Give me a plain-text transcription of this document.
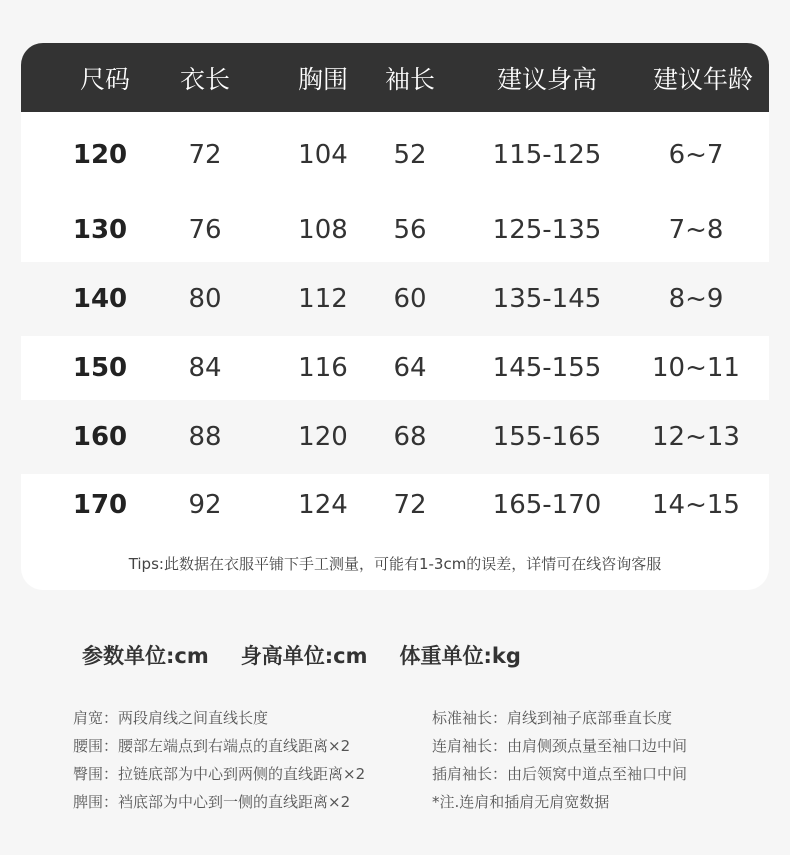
尺码	衣长	胸围	袖长	建议身高	建议年龄
120	72	104	52	115-125	6~7
130	76	108	56	125-135	7~8
140	80	112	60	135-145	8~9
150	84	116	64	145-155	10~11
160	88	120	68	155-165	12~13
170	92	124	72	165-170	14~15
Tips:此数据在衣服平铺下手工测量，可能有1-3cm的误差，详情可在线咨询客服
参数单位:cm 身高单位:cm 体重单位:kg
肩宽：两段肩线之间直线长度
腰围：腰部左端点到右端点的直线距离×2
臀围：拉链底部为中心到两侧的直线距离×2
脾围：裆底部为中心到一侧的直线距离×2
标准袖长：肩线到袖子底部垂直长度
连肩袖长：由肩侧颈点量至袖口边中间
插肩袖长：由后领窝中道点至袖口中间
*注.连肩和插肩无肩宽数据
